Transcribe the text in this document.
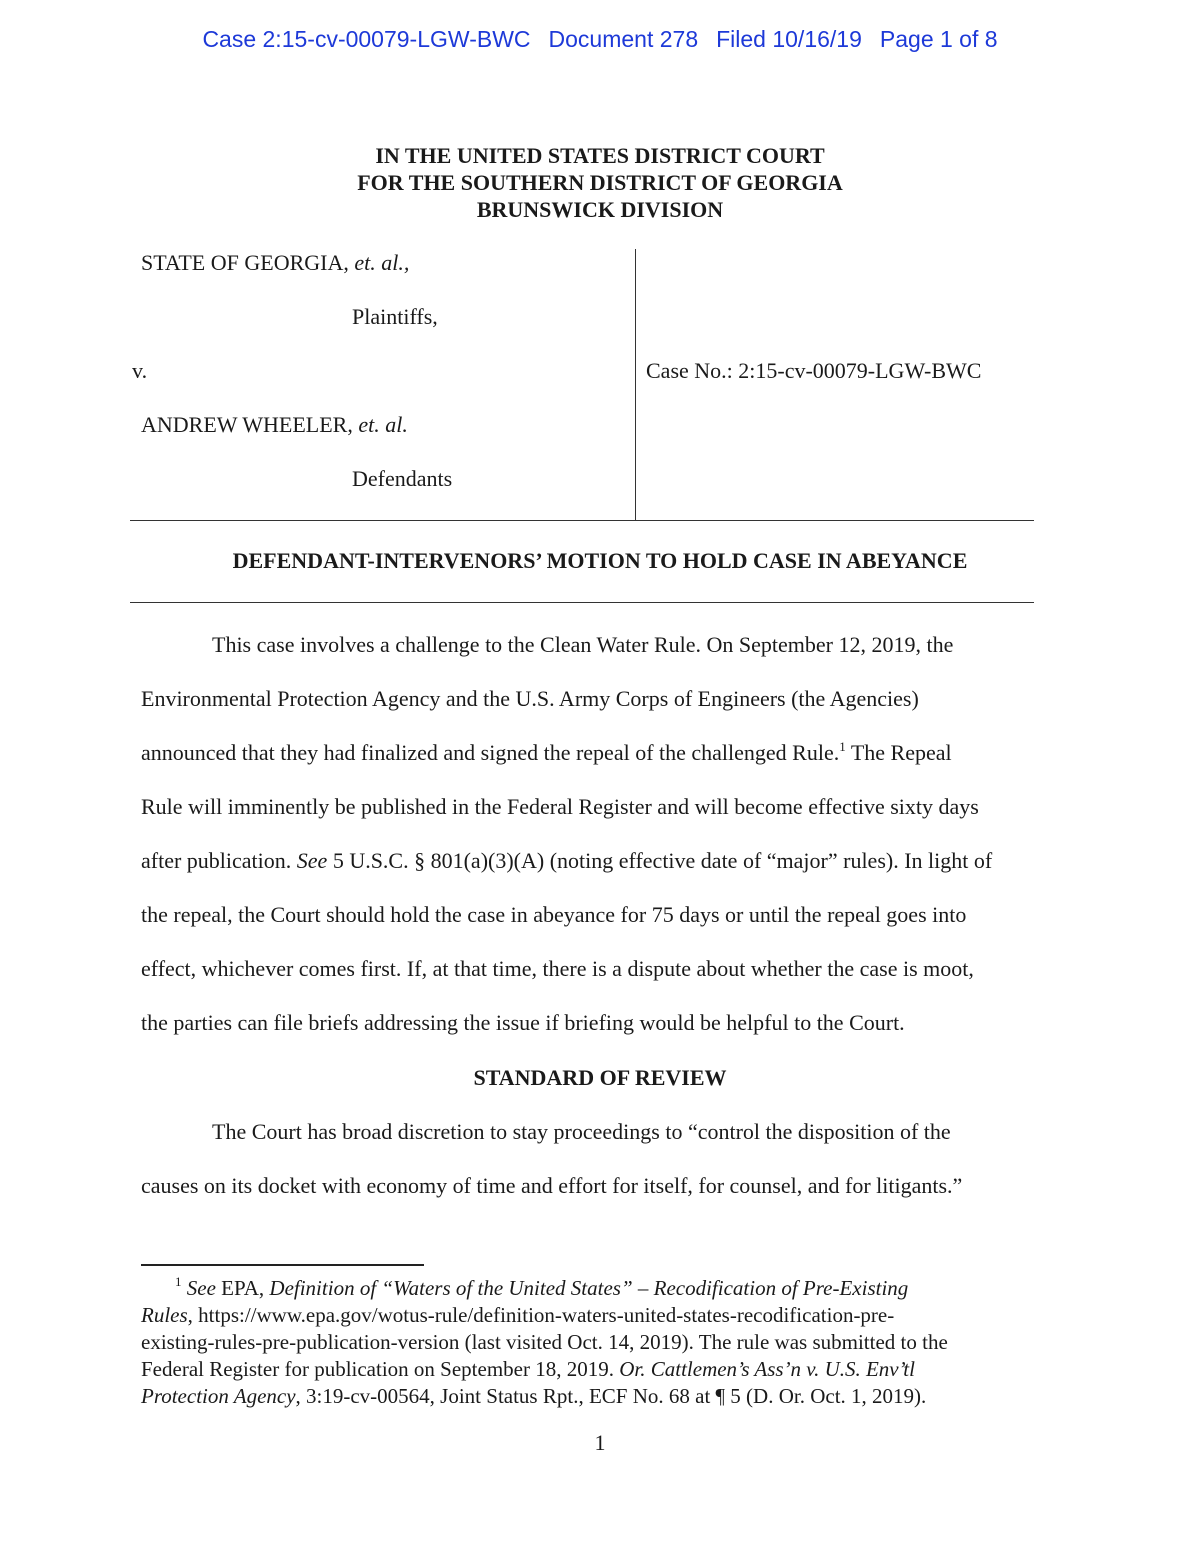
Case 2:15-cv-00079-LGW-BWC Document 278 Filed 10/16/19 Page 1 of 8
IN THE UNITED STATES DISTRICT COURT
FOR THE SOUTHERN DISTRICT OF GEORGIA
BRUNSWICK DIVISION
STATE OF GEORGIA, et. al.,
Plaintiffs,
v.
ANDREW WHEELER, et. al.
Defendants
Case No.: 2:15-cv-00079-LGW-BWC
DEFENDANT-INTERVENORS’ MOTION TO HOLD CASE IN ABEYANCE
This case involves a challenge to the Clean Water Rule. On September 12, 2019, the
Environmental Protection Agency and the U.S. Army Corps of Engineers (the Agencies)
announced that they had finalized and signed the repeal of the challenged Rule.$^1$ The Repeal
Rule will imminently be published in the Federal Register and will become effective sixty days
after publication. See 5 U.S.C. § 801(a)(3)(A) (noting effective date of “major” rules). In light of
the repeal, the Court should hold the case in abeyance for 75 days or until the repeal goes into
effect, whichever comes first. If, at that time, there is a dispute about whether the case is moot,
the parties can file briefs addressing the issue if briefing would be helpful to the Court.
STANDARD OF REVIEW
The Court has broad discretion to stay proceedings to “control the disposition of the
causes on its docket with economy of time and effort for itself, for counsel, and for litigants.”
$^1$ See EPA, Definition of “Waters of the United States” – Recodification of Pre-Existing
Rules, https://www.epa.gov/wotus-rule/definition-waters-united-states-recodification-pre-
existing-rules-pre-publication-version (last visited Oct. 14, 2019). The rule was submitted to the
Federal Register for publication on September 18, 2019. Or. Cattlemen’s Ass’n v. U.S. Env’tl
Protection Agency, 3:19-cv-00564, Joint Status Rpt., ECF No. 68 at ¶ 5 (D. Or. Oct. 1, 2019).
1
